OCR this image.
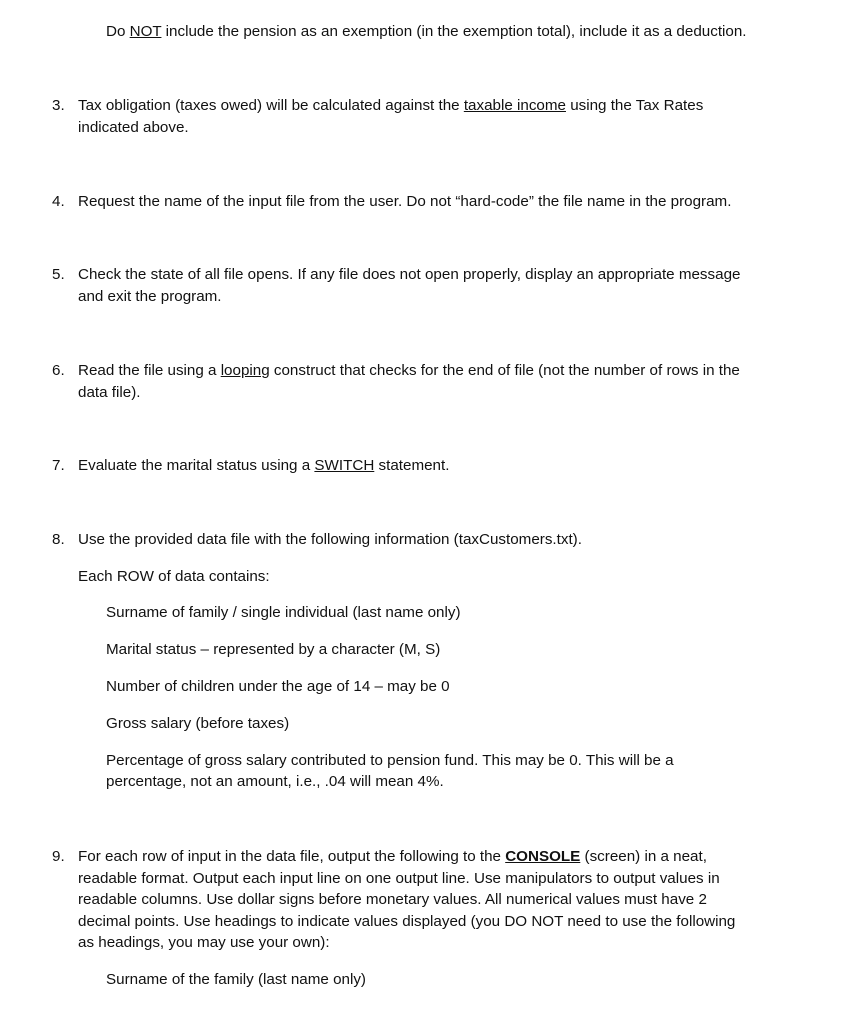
Do NOT include the pension as an exemption (in the exemption total), include it as a deduction.
3. Tax obligation (taxes owed) will be calculated against the taxable income using the Tax Rates
indicated above.
4. Request the name of the input file from the user. Do not “hard-code” the file name in the program.
5. Check the state of all file opens. If any file does not open properly, display an appropriate message
and exit the program.
6. Read the file using a looping construct that checks for the end of file (not the number of rows in the
data file).
7. Evaluate the marital status using a SWITCH statement.
8. Use the provided data file with the following information (taxCustomers.txt).
Each ROW of data contains:
Surname of family / single individual (last name only)
Marital status – represented by a character (M, S)
Number of children under the age of 14 – may be 0
Gross salary (before taxes)
Percentage of gross salary contributed to pension fund. This may be 0. This will be a
percentage, not an amount, i.e., .04 will mean 4%.
9. For each row of input in the data file, output the following to the CONSOLE (screen) in a neat,
readable format. Output each input line on one output line. Use manipulators to output values in
readable columns. Use dollar signs before monetary values. All numerical values must have 2
decimal points. Use headings to indicate values displayed (you DO NOT need to use the following
as headings, you may use your own):
Surname of the family (last name only)
